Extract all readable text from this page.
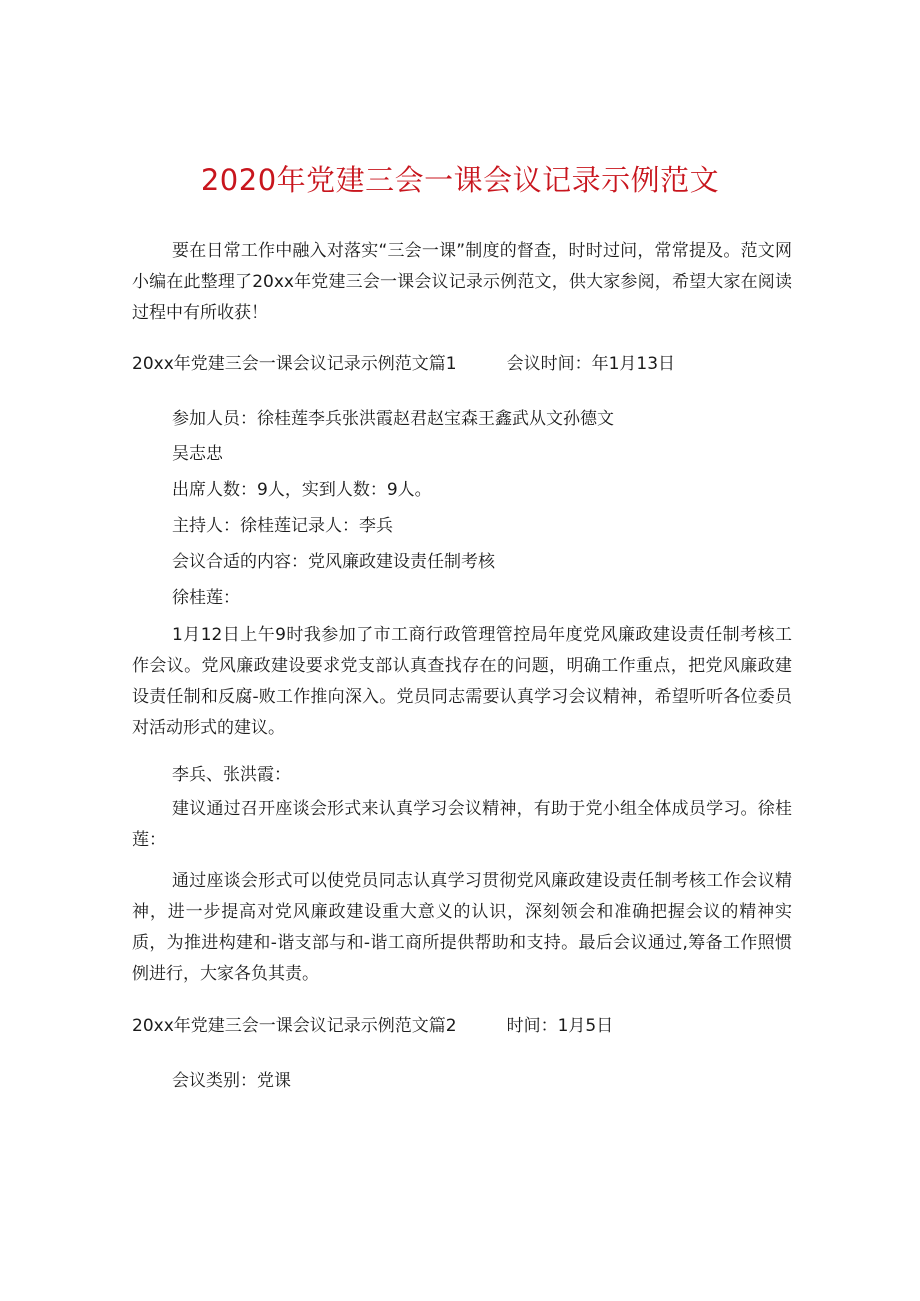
2020年党建三会一课会议记录示例范文

要在日常工作中融入对落实“三会一课”制度的督查，时时过问，常常提及。范文网小编在此整理了20xx年党建三会一课会议记录示例范文，供大家参阅，希望大家在阅读过程中有所收获！

20xx年党建三会一课会议记录示例范文篇1	会议时间：年1月13日
参加人员：徐桂莲李兵张洪霞赵君赵宝森王鑫武从文孙德文
吴志忠
出席人数：9人，实到人数：9人。
主持人：徐桂莲记录人：李兵
会议合适的内容：党风廉政建设责任制考核
徐桂莲：

1月12日上午9时我参加了市工商行政管理管控局年度党风廉政建设责任制考核工作会议。党风廉政建设要求党支部认真查找存在的问题，明确工作重点，把党风廉政建设责任制和反腐-败工作推向深入。党员同志需要认真学习会议精神，希望听听各位委员对活动形式的建议。

李兵、张洪霞：

建议通过召开座谈会形式来认真学习会议精神，有助于党小组全体成员学习。徐桂莲：

通过座谈会形式可以使党员同志认真学习贯彻党风廉政建设责任制考核工作会议精神，进一步提高对党风廉政建设重大意义的认识，深刻领会和准确把握会议的精神实质，为推进构建和-谐支部与和-谐工商所提供帮助和支持。最后会议通过,筹备工作照惯例进行，大家各负其责。

20xx年党建三会一课会议记录示例范文篇2	时间：1月5日
会议类别：党课
